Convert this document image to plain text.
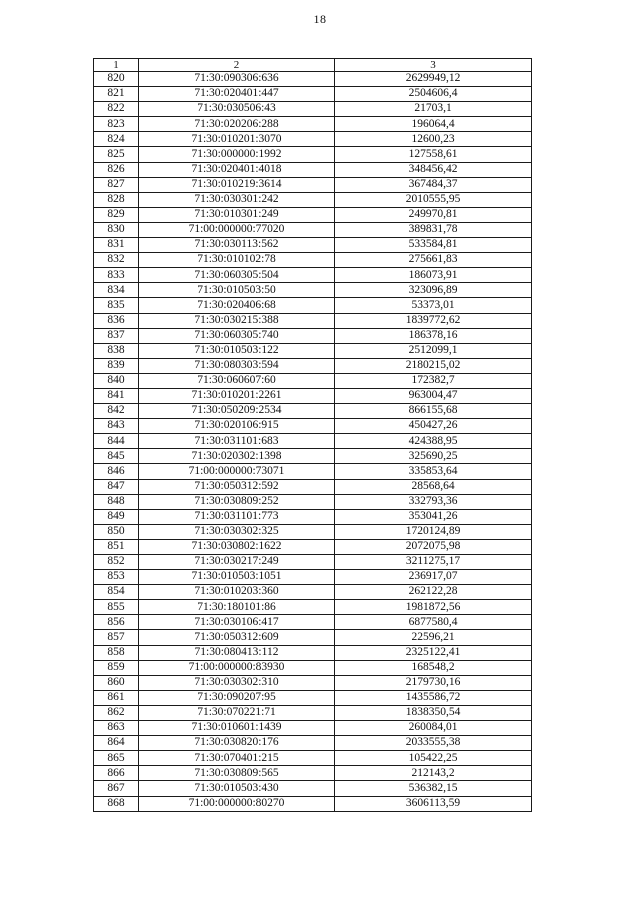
18
1	2	3
820	71:30:090306:636	2629949,12
821	71:30:020401:447	2504606,4
822	71:30:030506:43	21703,1
823	71:30:020206:288	196064,4
824	71:30:010201:3070	12600,23
825	71:30:000000:1992	127558,61
826	71:30:020401:4018	348456,42
827	71:30:010219:3614	367484,37
828	71:30:030301:242	2010555,95
829	71:30:010301:249	249970,81
830	71:00:000000:77020	389831,78
831	71:30:030113:562	533584,81
832	71:30:010102:78	275661,83
833	71:30:060305:504	186073,91
834	71:30:010503:50	323096,89
835	71:30:020406:68	53373,01
836	71:30:030215:388	1839772,62
837	71:30:060305:740	186378,16
838	71:30:010503:122	2512099,1
839	71:30:080303:594	2180215,02
840	71:30:060607:60	172382,7
841	71:30:010201:2261	963004,47
842	71:30:050209:2534	866155,68
843	71:30:020106:915	450427,26
844	71:30:031101:683	424388,95
845	71:30:020302:1398	325690,25
846	71:00:000000:73071	335853,64
847	71:30:050312:592	28568,64
848	71:30:030809:252	332793,36
849	71:30:031101:773	353041,26
850	71:30:030302:325	1720124,89
851	71:30:030802:1622	2072075,98
852	71:30:030217:249	3211275,17
853	71:30:010503:1051	236917,07
854	71:30:010203:360	262122,28
855	71:30:180101:86	1981872,56
856	71:30:030106:417	6877580,4
857	71:30:050312:609	22596,21
858	71:30:080413:112	2325122,41
859	71:00:000000:83930	168548,2
860	71:30:030302:310	2179730,16
861	71:30:090207:95	1435586,72
862	71:30:070221:71	1838350,54
863	71:30:010601:1439	260084,01
864	71:30:030820:176	2033555,38
865	71:30:070401:215	105422,25
866	71:30:030809:565	212143,2
867	71:30:010503:430	536382,15
868	71:00:000000:80270	3606113,59
